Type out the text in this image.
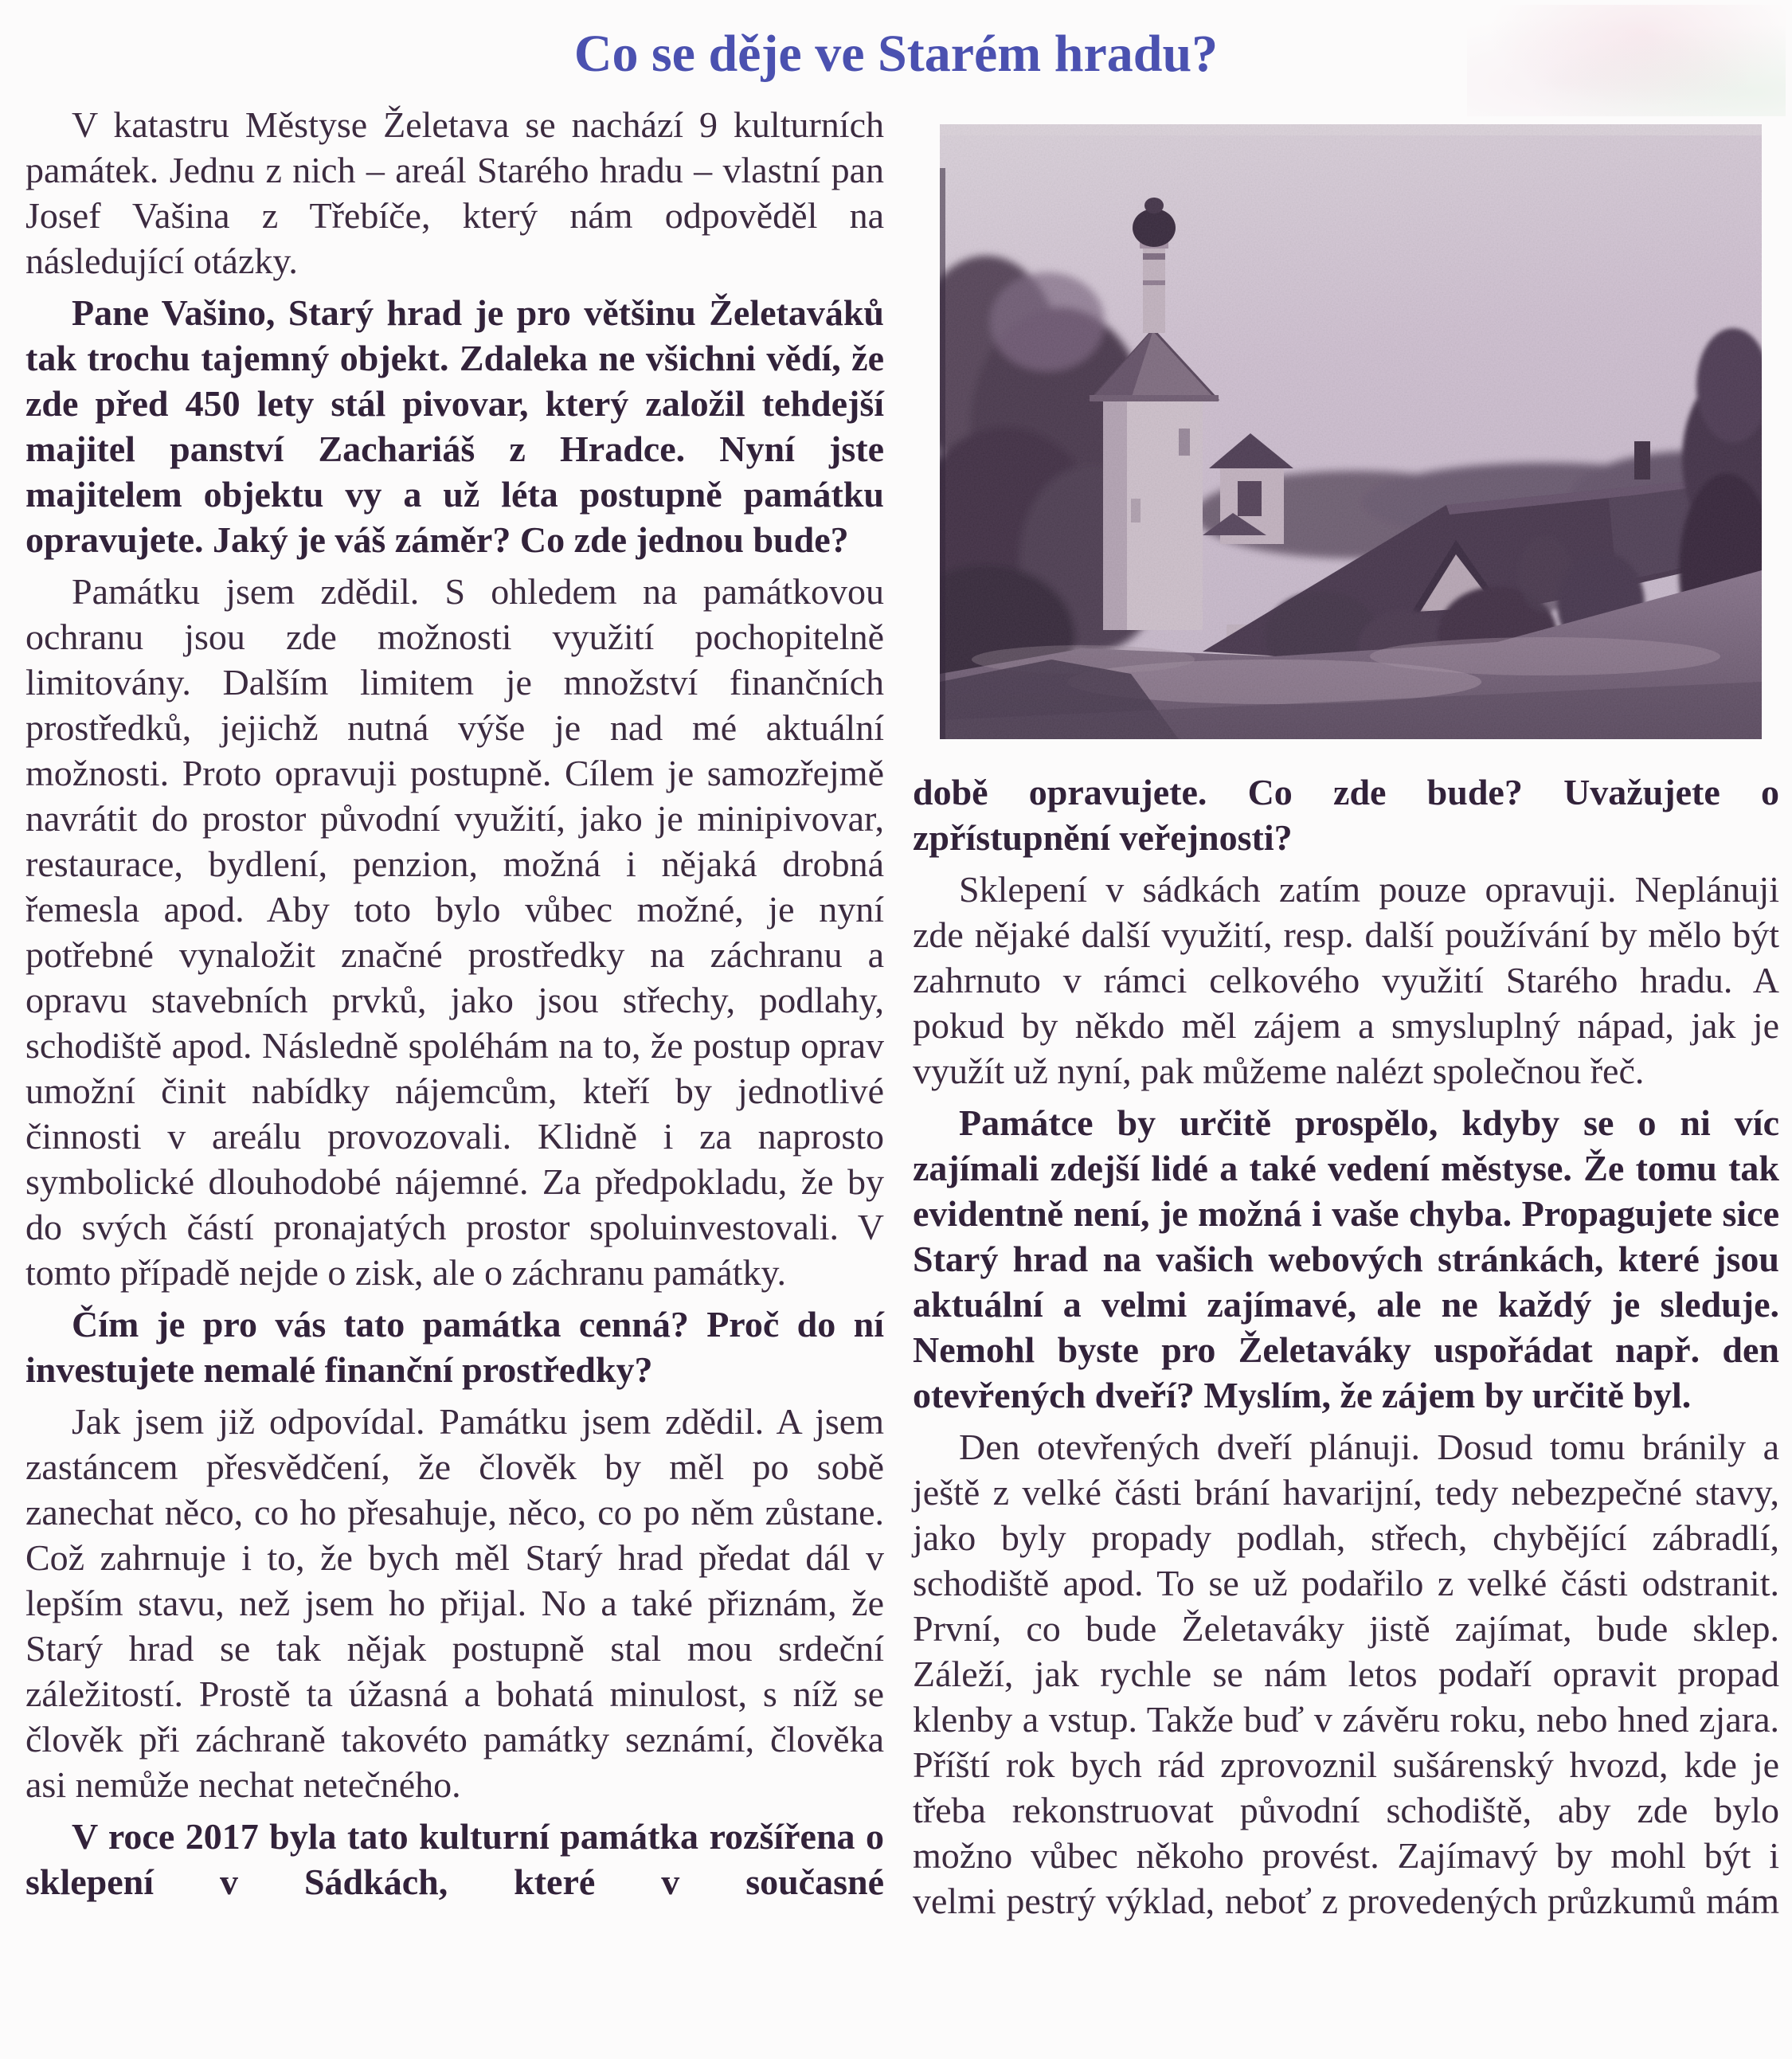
Co se děje ve Starém hradu?

V katastru Městyse Želetava se nachází 9 kulturních památek. Jednu z nich – areál Starého hradu – vlastní pan Josef Vašina z Třebíče, který nám odpověděl na následující otázky.

Pane Vašino, Starý hrad je pro většinu Želetaváků tak trochu tajemný objekt. Zdaleka ne všichni vědí, že zde před 450 lety stál pivovar, který založil tehdejší majitel panství Zachariáš z Hradce. Nyní jste majitelem objektu vy a už léta postupně památku opravujete. Jaký je váš záměr? Co zde jednou bude?

Památku jsem zdědil. S ohledem na památkovou ochranu jsou zde možnosti využití pochopitelně limitovány. Dalším limitem je množství finančních prostředků, jejichž nutná výše je nad mé aktuální možnosti. Proto opravuji postupně. Cílem je samozřejmě navrátit do prostor původní využití, jako je minipivovar, restaurace, bydlení, penzion, možná i nějaká drobná řemesla apod. Aby toto bylo vůbec možné, je nyní potřebné vynaložit značné prostředky na záchranu a opravu stavebních prvků, jako jsou střechy, podlahy, schodiště apod. Následně spoléhám na to, že postup oprav umožní činit nabídky nájemcům, kteří by jednotlivé činnosti v areálu provozovali. Klidně i za naprosto symbolické dlouhodobé nájemné. Za předpokladu, že by do svých částí pronajatých prostor spoluinvestovali. V tomto případě nejde o zisk, ale o záchranu památky.

Čím je pro vás tato památka cenná? Proč do ní investujete nemalé finanční prostředky?

Jak jsem již odpovídal. Památku jsem zdědil. A jsem zastáncem přesvědčení, že člověk by měl po sobě zanechat něco, co ho přesahuje, něco, co po něm zůstane. Což zahrnuje i to, že bych měl Starý hrad předat dál v lepším stavu, než jsem ho přijal. No a také přiznám, že Starý hrad se tak nějak postupně stal mou srdeční záležitostí. Prostě ta úžasná a bohatá minulost, s níž se člověk při záchraně takovéto památky seznámí, člověka asi nemůže nechat netečného.

V roce 2017 byla tato kulturní památka rozšířena o sklepení v Sádkách, které v současné

době opravujete. Co zde bude? Uvažujete o zpřístupnění veřejnosti?

Sklepení v sádkách zatím pouze opravuji. Neplánuji zde nějaké další využití, resp. další používání by mělo být zahrnuto v rámci celkového využití Starého hradu. A pokud by někdo měl zájem a smysluplný nápad, jak je využít už nyní, pak můžeme nalézt společnou řeč.

Památce by určitě prospělo, kdyby se o ni víc zajímali zdejší lidé a také vedení městyse. Že tomu tak evidentně není, je možná i vaše chyba. Propagujete sice Starý hrad na vašich webových stránkách, které jsou aktuální a velmi zajímavé, ale ne každý je sleduje. Nemohl byste pro Želetaváky uspořádat např. den otevřených dveří? Myslím, že zájem by určitě byl.

Den otevřených dveří plánuji. Dosud tomu bránily a ještě z velké části brání havarijní, tedy nebezpečné stavy, jako byly propady podlah, střech, chybějící zábradlí, schodiště apod. To se už podařilo z velké části odstranit. První, co bude Želetaváky jistě zajímat, bude sklep. Záleží, jak rychle se nám letos podaří opravit propad klenby a vstup. Takže buď v závěru roku, nebo hned zjara. Příští rok bych rád zprovoznil sušárenský hvozd, kde je třeba rekonstruovat původní schodiště, aby zde bylo možno vůbec někoho provést. Zajímavý by mohl být i velmi pestrý výklad, neboť z provedených průzkumů mám
